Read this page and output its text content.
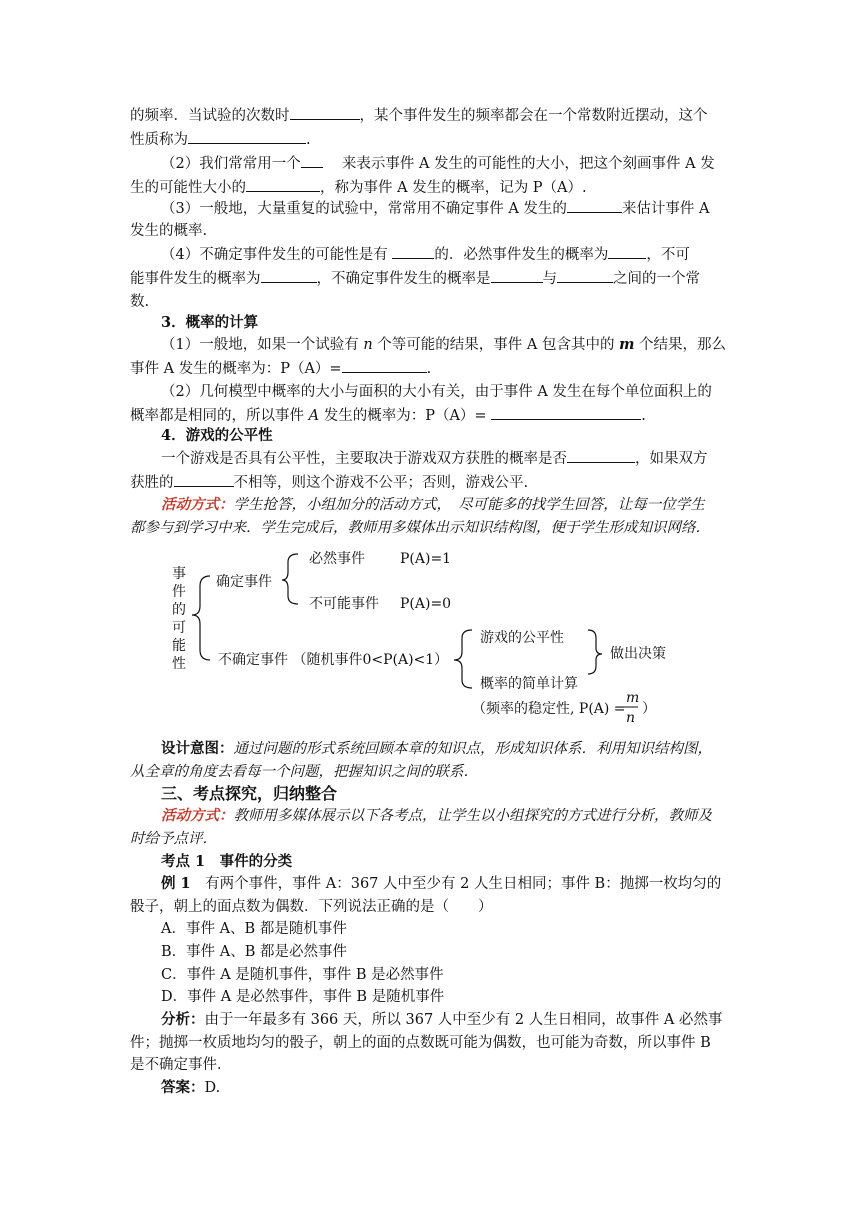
的频率．当试验的次数时	，某个事件发生的频率都会在一个常数附近摆动，这个
性质称为	.
（2）我们常常用一个　	来表示事件 A 发生的可能性的大小，把这个刻画事件 A 发
生的可能性大小的	，称为事件 A 发生的概率，记为 P（A）.
（3）一般地，大量重复的试验中，常常用不确定事件 A 发生的	来估计事件 A
发生的概率.
（4）不确定事件发生的可能性是有	的．必然事件发生的概率为	，不可
能事件发生的概率为	，不确定事件发生的概率是	与	之间的一个常
数.
3．概率的计算
（1）一般地，如果一个试验有 n 个等可能的结果，事件 A 包含其中的 m 个结果，那么
事件 A 发生的概率为：P（A）=	.
（2）几何模型中概率的大小与面积的大小有关，由于事件 A 发生在每个单位面积上的
概率都是相同的，所以事件 A 发生的概率为：P（A）=	.
4．游戏的公平性
一个游戏是否具有公平性，主要取决于游戏双方获胜的概率是否	，如果双方
获胜的	不相等，则这个游戏不公平；否则，游戏公平.
活动方式：学生抢答，小组加分的活动方式，　尽可能多的找学生回答，让每一位学生
都参与到学习中来．学生完成后，教师用多媒体出示知识结构图，便于学生形成知识网络．
事
件
的
可
能
性
确定事件
必然事件	P(A)=1
不可能事件 P(A)=0
不确定事件 （随机事件0<P(A)<1）
游戏的公平性
概率的简单计算
做出决策
（频率的稳定性, P(A) =
m
n
）
设计意图：通过问题的形式系统回顾本章的知识点，形成知识体系．利用知识结构图，
从全章的角度去看每一个问题，把握知识之间的联系．
三、考点探究，归纳整合
活动方式：教师用多媒体展示以下各考点，让学生以小组探究的方式进行分析，教师及
时给予点评．
考点 1　事件的分类
例 1　有两个事件，事件 A：367 人中至少有 2 人生日相同；事件 B：抛掷一枚均匀的
骰子，朝上的面点数为偶数．下列说法正确的是（　　）
A．事件 A、B 都是随机事件
B．事件 A、B 都是必然事件
C．事件 A 是随机事件，事件 B 是必然事件
D．事件 A 是必然事件，事件 B 是随机事件
分析：由于一年最多有 366 天，所以 367 人中至少有 2 人生日相同，故事件 A 必然事
件；抛掷一枚质地均匀的骰子，朝上的面的点数既可能为偶数，也可能为奇数，所以事件 B
是不确定事件．
答案：D.
